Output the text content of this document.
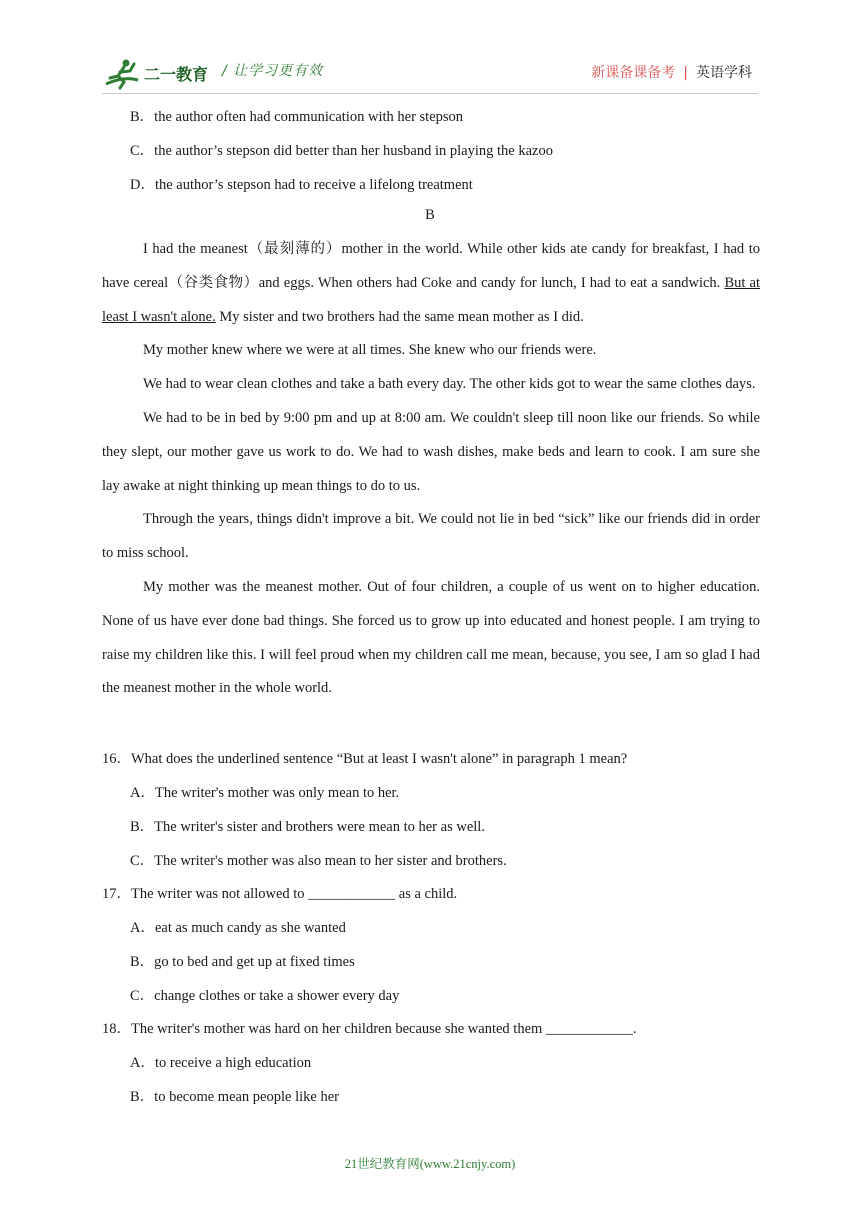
二一教育 / 让学习更有效	新课备课备考 | 英语学科
B．the author often had communication with her stepson
C．the author’s stepson did better than her husband in playing the kazoo
D．the author’s stepson had to receive a lifelong treatment
B

I had the meanest（最刻薄的）mother in the world. While other kids ate candy for breakfast, I had to have cereal（谷类食物）and eggs. When others had Coke and candy for lunch, I had to eat a sandwich. But at least I wasn't alone. My sister and two brothers had the same mean mother as I did.

My mother knew where we were at all times. She knew who our friends were.

We had to wear clean clothes and take a bath every day. The other kids got to wear the same clothes days.

We had to be in bed by 9:00 pm and up at 8:00 am. We couldn't sleep till noon like our friends. So while they slept, our mother gave us work to do. We had to wash dishes, make beds and learn to cook. I am sure she lay awake at night thinking up mean things to do to us.

Through the years, things didn't improve a bit. We could not lie in bed “sick” like our friends did in order to miss school.

My mother was the meanest mother. Out of four children, a couple of us went on to higher education. None of us have ever done bad things. She forced us to grow up into educated and honest people. I am trying to raise my children like this. I will feel proud when my children call me mean, because, you see, I am so glad I had the meanest mother in the whole world.

16．What does the underlined sentence “But at least I wasn't alone” in paragraph 1 mean?
A．The writer's mother was only mean to her.
B．The writer's sister and brothers were mean to her as well.
C．The writer's mother was also mean to her sister and brothers.
17．The writer was not allowed to ____________ as a child.
A．eat as much candy as she wanted
B．go to bed and get up at fixed times
C．change clothes or take a shower every day
18．The writer's mother was hard on her children because she wanted them ____________.
A．to receive a high education
B．to become mean people like her
21世纪教育网(www.21cnjy.com)
